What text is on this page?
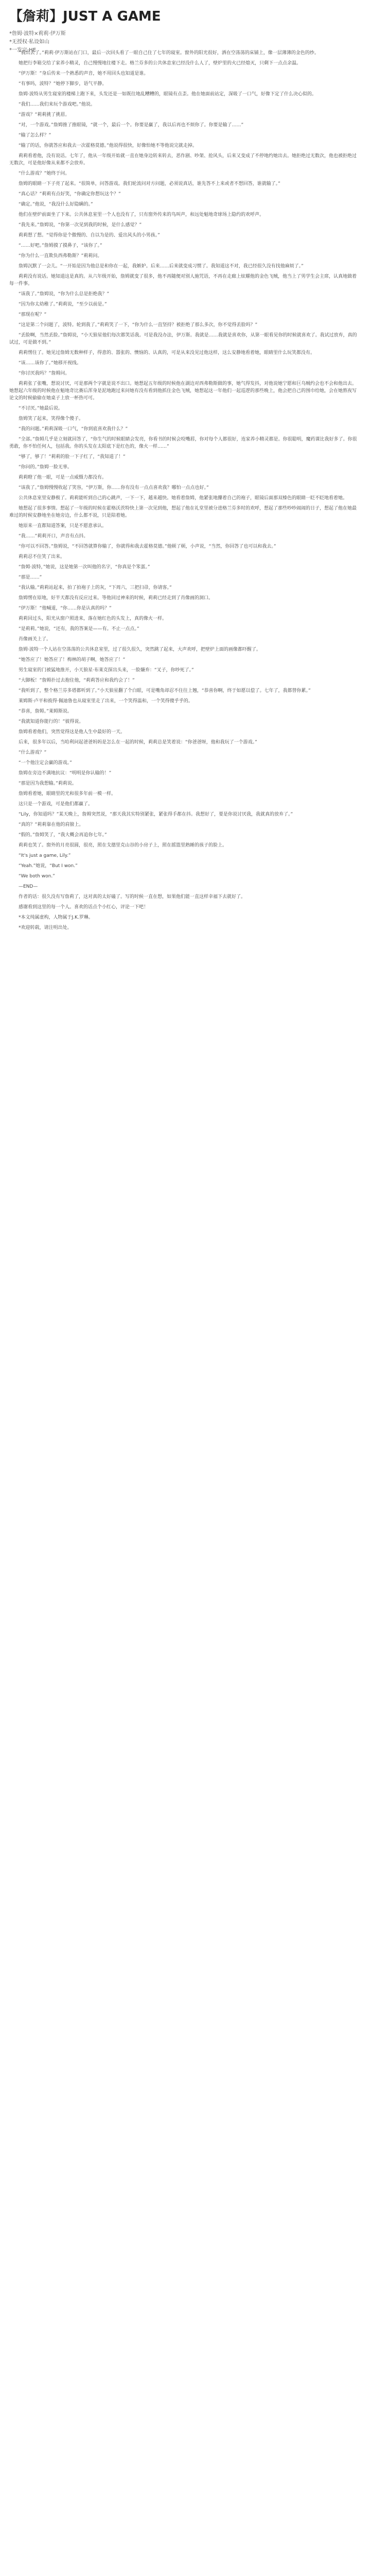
【詹莉】JUST A GAME

*詹姆·波特×莉莉·伊万斯

*无授权·私设如山

*一发完·HE

“我出去了。”莉莉·伊万斯站在门口，最后一次回头看了一眼自己住了七年的寝室。窗外的阳光很好，洒在空荡荡的床铺上，像一层薄薄的金色的纱。

她把行李箱交给了家养小精灵，自己慢慢地往楼下走。格兰芬多的公共休息室已经没什么人了，壁炉里的火已经熄灭，只剩下一点点余温。

“伊万斯！”身后传来一个熟悉的声音，她不用回头也知道是谁。

“有事吗，波特？”她停下脚步，语气平静。

詹姆·波特从男生寝室的楼梯上跑下来，头发还是一如既往地乱糟糟的，眼镜有点歪。他在她面前站定，深吸了一口气，好像下定了什么决心似的。

“我们……我们来玩个游戏吧。”他说。

“游戏？”莉莉挑了挑眉。

“对，一个游戏。”詹姆推了推眼镜，“就一个，最后一个。你要是赢了，我以后再也不烦你了。你要是输了……”

“输了怎么样？”

“输了的话，你就答应和我去一次霍格莫德。”他说得很快，好像怕她不等他说完就走掉。

莉莉看着他，没有说话。七年了，他从一年级开始就一直在她身边转来转去，恶作剧、吵架、抢风头，后来又变成了不停地约她出去。她拒绝过无数次，他也被拒绝过无数次，可是他好像从来都不会放弃。

“什么游戏？”她终于问。

詹姆的眼睛一下子亮了起来。“很简单，问答游戏。我们轮流问对方问题，必须说真话，谁先答不上来或者不想回答，谁就输了。”

“真心话？”莉莉有点好笑，“你确定你想玩这个？”

“确定。”他说，“我没什么好隐瞒的。”

他们在壁炉前面坐了下来。公共休息室里一个人也没有了，只有窗外传来的鸟叫声，和远处魁地奇球场上隐约的欢呼声。

“我先来。”詹姆说，“你第一次见到我的时候，是什么感觉？”

莉莉想了想。“觉得你是个傲慢的、自以为是的、爱出风头的小男孩。”

“……好吧。”詹姆摸了摸鼻子，“该你了。”

“你为什么一直欺负西弗勒斯？”莉莉问。

詹姆沉默了一会儿。“一开始是因为他总是和你在一起，我嫉妒。后来……后来就变成习惯了。我知道这不对，我已经很久没有找他麻烦了。”

莉莉没有说话。她知道这是真的。从六年级开始，詹姆就变了很多，他不再随便对别人施咒语，不再在走廊上炫耀他的金色飞贼，他当上了男学生会主席，认真地做着每一件事。

“该我了。”詹姆说，“你为什么总是拒绝我？”

“因为你太幼稚了。”莉莉说，“至少以前是。”

“那现在呢？”

“这是第二个问题了，波特。轮到我了。”莉莉笑了一下，“你为什么一直坚持？被拒绝了那么多次，你不觉得丢脸吗？”

“丢脸啊，当然丢脸。”詹姆说，“小天狼星他们每次都笑话我。可是我没办法，伊万斯。我就是……我就是喜欢你，从第一眼看见你的时候就喜欢了。我试过放弃，真的试过，可是做不到。”

莉莉愣住了。她见过詹姆无数种样子，得意的、嚣张的、懊恼的、认真的，可是从来没见过他这样，这么安静地看着她，眼睛里什么玩笑都没有。

“该……该你了。”她移开视线。

“你讨厌我吗？”詹姆问。

莉莉张了张嘴，想说讨厌，可是那两个字就是说不出口。她想起五年级的时候他在湖边对西弗勒斯做的事，她气得发抖，对他说她宁愿和巨乌贼约会也不会和他出去。她想起六年级的时候他在魁地奇比赛后浑身是泥地跑过来问她有没有看到他抓住金色飞贼，她想起这一年他们一起巡逻的那些晚上，他会把自己的围巾给她，会在她熬夜写论文的时候偷偷在她桌子上放一杯热可可。

“不讨厌。”她最后说。

詹姆笑了起来，笑得像个傻子。

“我的问题。”莉莉深吸一口气，“你到底喜欢我什么？”

“全部。”詹姆几乎是立刻就回答了，“你生气的时候眼睛会发亮，你看书的时候会咬嘴唇，你对每个人都很好，连家养小精灵都是。你很聪明，魔药课比我好多了。你很勇敢，你不怕任何人，包括我。你的头发在太阳底下是红色的，像火一样……”

“够了，够了！”莉莉的脸一下子红了，“我知道了！”

“你问的。”詹姆一脸无辜。

莉莉瞪了他一眼，可是一点威慑力都没有。

“该我了。”詹姆慢慢收起了笑容，“伊万斯，你……你有没有一点点喜欢我？哪怕一点点也好。”

公共休息室里安静极了。莉莉能听到自己的心跳声，一下一下，越来越快。她看着詹姆，他紧张地攥着自己的袍子，眼镜后面那双榛色的眼睛一眨不眨地看着她。

她想起了很多事情。想起了一年级的时候在霍格沃茨特快上第一次见到他，想起了他在礼堂里被分进格兰芬多时的欢呼，想起了那些吵吵闹闹的日子，想起了他在她最难过的时候安静地坐在她旁边，什么都不说，只是陪着她。

她原来一直都知道答案，只是不愿意承认。

“我……”莉莉开口，声音有点抖。

“你可以不回答。”詹姆说，“不回答就算你输了，你就得和我去霍格莫德。”他顿了顿，小声说，“当然，你回答了也可以和我去。”

莉莉忍不住笑了出来。

“詹姆·波特，”她说，这是她第一次叫他的名字，“你真是个笨蛋。”

“那是……”

“我认输。”莉莉站起来，拍了拍袍子上的灰，“下周六，三把扫帚，你请客。”

詹姆愣在原地，好半天都没有反应过来。等他回过神来的时候，莉莉已经走到了肖像画的洞口。

“伊万斯！”他喊道，“你……你是认真的吗？”

莉莉回过头，阳光从窗户照进来，落在她红色的头发上，真的像火一样。

“是莉莉。”她说，“还有，我的答案是——有。不止一点点。”

肖像画关上了。

詹姆·波特一个人站在空荡荡的公共休息室里，过了很久很久，突然跳了起来，大声欢呼，把壁炉上面的画像都吓醒了。

“她答应了！她答应了！梅林的胡子啊，她答应了！”

男生寝室的门被猛地推开，小天狼星·布莱克探出头来，一脸嫌弃：“叉子，你吵死了。”

“大脚板！”詹姆扑过去抱住他，“莉莉答应和我约会了！”

“我听到了，整个格兰芬多塔都听到了。”小天狼星翻了个白眼，可是嘴角却忍不住往上翘，“恭喜你啊，终于如愿以偿了。七年了，我都替你累。”

莱姆斯·卢平和彼得·佩迪鲁也从寝室里走了出来，一个笑得温和，一个笑得傻乎乎的。

“恭喜，詹姆。”莱姆斯说。

“我就知道你能行的！”彼得说。

詹姆看着他们，突然觉得这是他人生中最好的一天。

后来，很多年以后，当哈利问起爸爸妈妈是怎么在一起的时候，莉莉总是笑着说：“你爸爸呀，他和我玩了一个游戏。”

“什么游戏？”

“一个他注定会赢的游戏。”

詹姆在旁边不满地抗议：“明明是你认输的！”

“那是因为我想输。”莉莉说。

詹姆看着她，眼睛里的光和很多年前一模一样。

这只是一个游戏，可是他们都赢了。

“Lily，你知道吗？”某天晚上，詹姆突然说，“那天我其实特别紧张，紧张得手都在抖。我想好了，要是你说讨厌我，我就真的放弃了。”

“真的？”莉莉靠在他的肩膀上。

“假的。”詹姆笑了，“我大概会再追你七年。”

莉莉也笑了。窗外的月亮很圆，很亮，照在戈德里克山谷的小房子上，照在摇篮里熟睡的孩子的脸上。

“It's just a game, Lily.”

“Yeah.”她说，“But I won.”

“We both won.”

—END—

作者的话：很久没有写詹莉了，这对真的太好磕了。写的时候一直在想，如果他们能一直这样幸福下去就好了。

感谢看到这里的每一个人。喜欢的话点个小红心，评论一下吧！

*本文纯属虚构，人物属于J.K.罗琳。

*欢迎转载，请注明出处。
